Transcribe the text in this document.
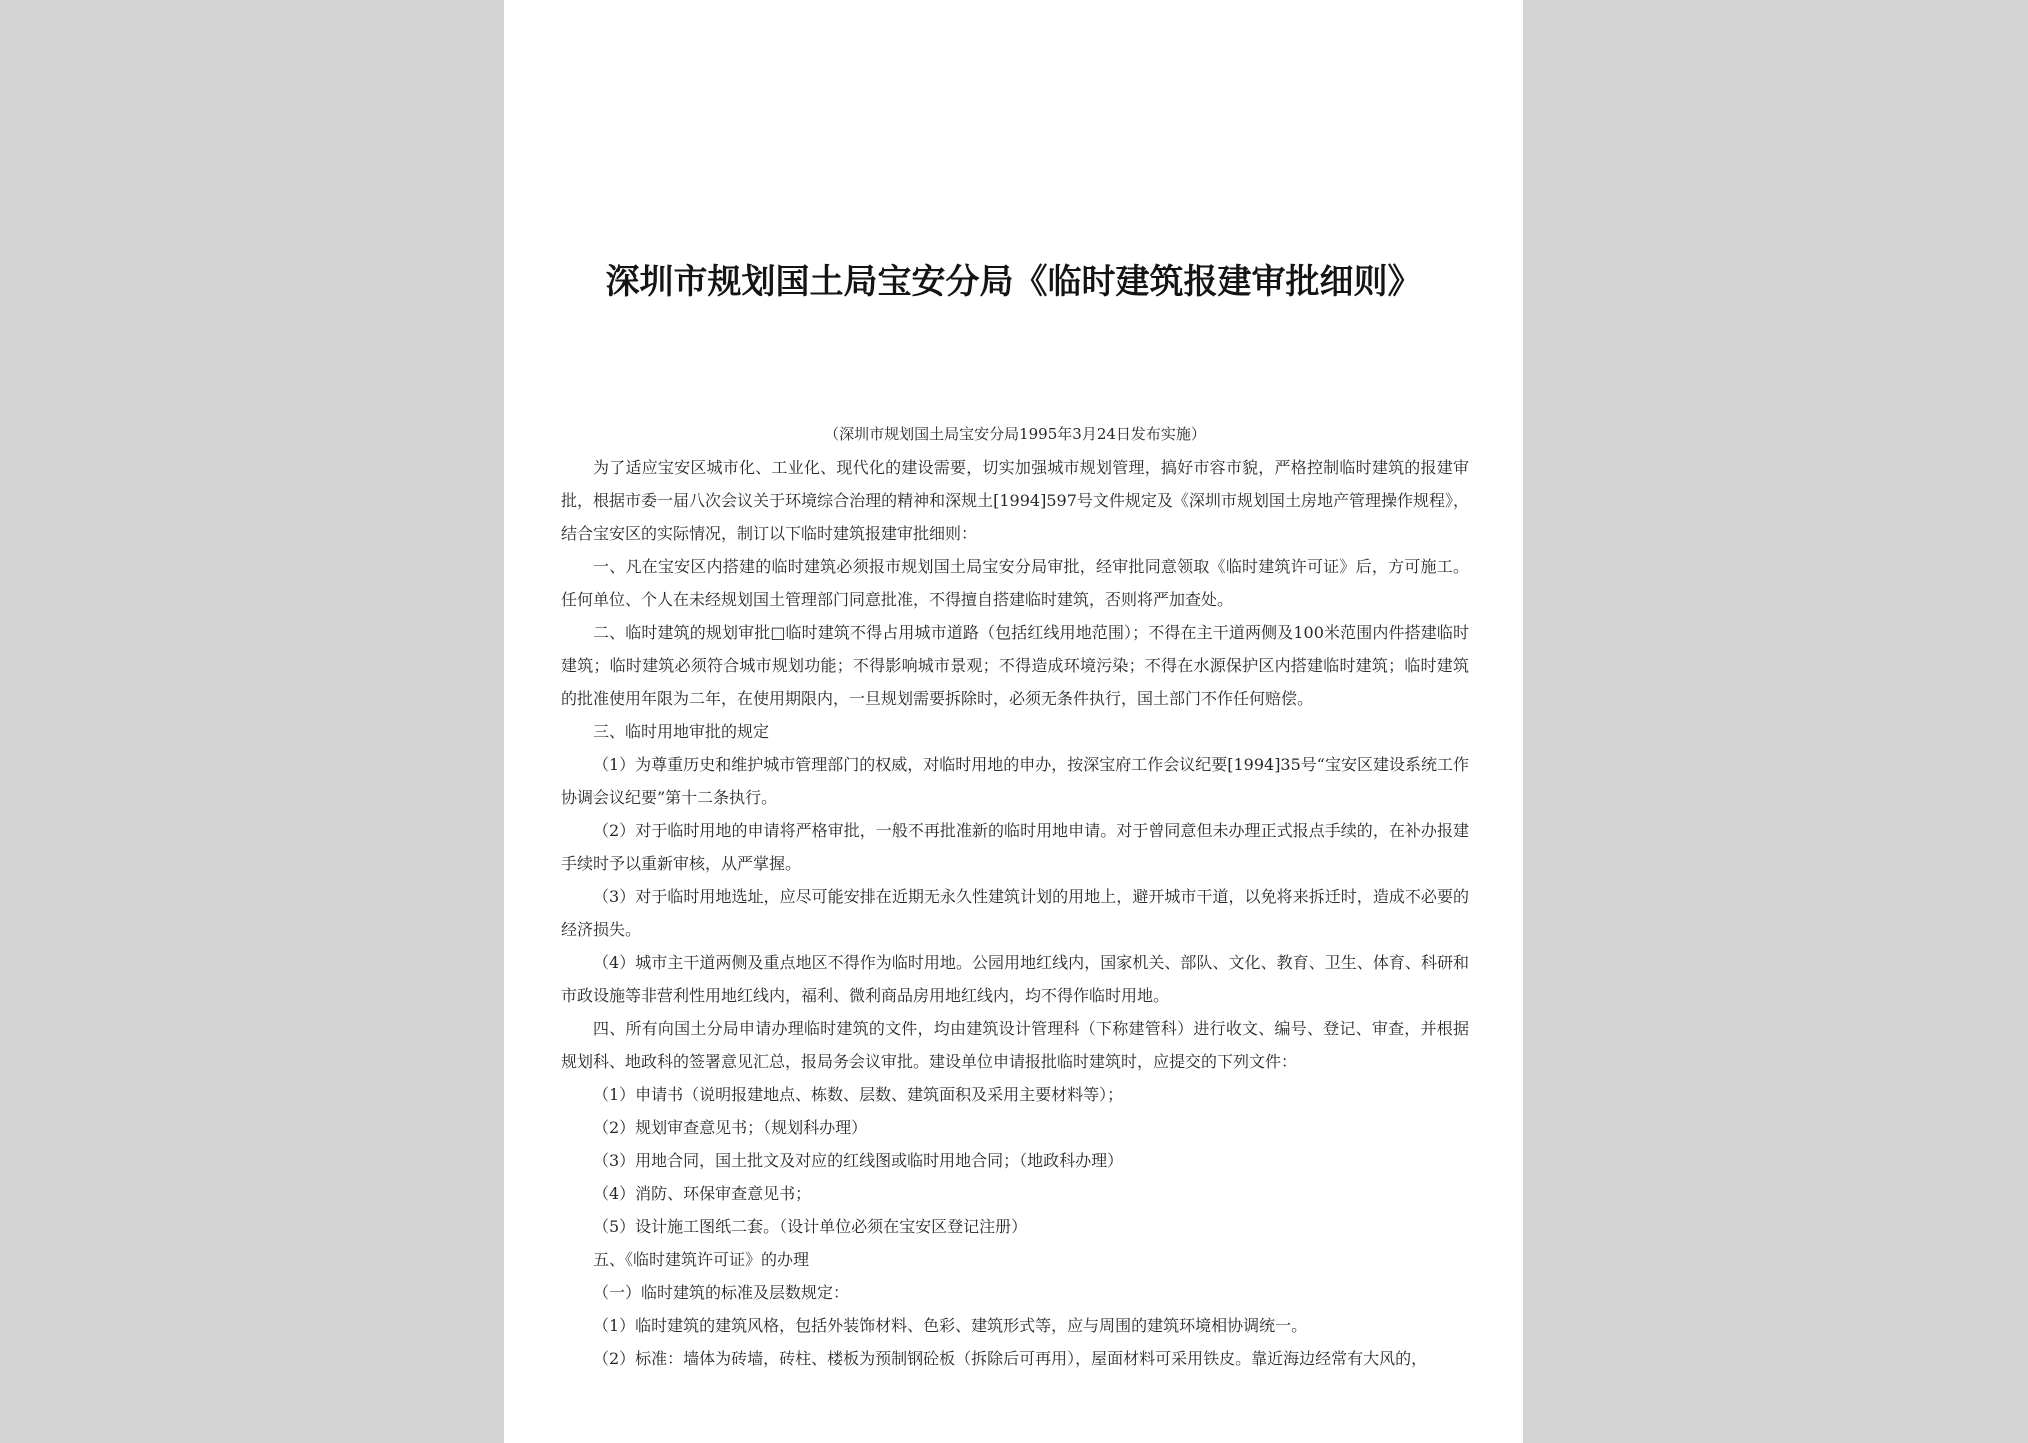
深圳市规划国土局宝安分局《临时建筑报建审批细则》

（深圳市规划国土局宝安分局1995年3月24日发布实施）

为了适应宝安区城市化、工业化、现代化的建设需要，切实加强城市规划管理，搞好市容市貌，严格控制临时建筑的报建审批，根据市委一届八次会议关于环境综合治理的精神和深规土[1994]597号文件规定及《深圳市规划国土房地产管理操作规程》，结合宝安区的实际情况，制订以下临时建筑报建审批细则：

一、凡在宝安区内搭建的临时建筑必须报市规划国土局宝安分局审批，经审批同意领取《临时建筑许可证》后，方可施工。任何单位、个人在未经规划国土管理部门同意批准，不得擅自搭建临时建筑，否则将严加查处。

二、临时建筑的规划审批□临时建筑不得占用城市道路（包括红线用地范围）；不得在主干道两侧及100米范围内件搭建临时建筑；临时建筑必须符合城市规划功能；不得影响城市景观；不得造成环境污染；不得在水源保护区内搭建临时建筑；临时建筑的批准使用年限为二年，在使用期限内，一旦规划需要拆除时，必须无条件执行，国土部门不作任何赔偿。

三、临时用地审批的规定

（1）为尊重历史和维护城市管理部门的权威，对临时用地的申办，按深宝府工作会议纪要[1994]35号“宝安区建设系统工作协调会议纪要”第十二条执行。

（2）对于临时用地的申请将严格审批，一般不再批准新的临时用地申请。对于曾同意但未办理正式报点手续的，在补办报建手续时予以重新审核，从严掌握。

（3）对于临时用地选址，应尽可能安排在近期无永久性建筑计划的用地上，避开城市干道，以免将来拆迁时，造成不必要的经济损失。

（4）城市主干道两侧及重点地区不得作为临时用地。公园用地红线内，国家机关、部队、文化、教育、卫生、体育、科研和市政设施等非营利性用地红线内，福利、微利商品房用地红线内，均不得作临时用地。

四、所有向国土分局申请办理临时建筑的文件，均由建筑设计管理科（下称建管科）进行收文、编号、登记、审查，并根据规划科、地政科的签署意见汇总，报局务会议审批。建设单位申请报批临时建筑时，应提交的下列文件：

（1）申请书（说明报建地点、栋数、层数、建筑面积及采用主要材料等）；

（2）规划审查意见书；（规划科办理）

（3）用地合同，国土批文及对应的红线图或临时用地合同；（地政科办理）

（4）消防、环保审查意见书；

（5）设计施工图纸二套。（设计单位必须在宝安区登记注册）

五、《临时建筑许可证》的办理

（一）临时建筑的标准及层数规定：

（1）临时建筑的建筑风格，包括外装饰材料、色彩、建筑形式等，应与周围的建筑环境相协调统一。

（2）标准：墙体为砖墙，砖柱、楼板为预制钢砼板（拆除后可再用），屋面材料可采用铁皮。靠近海边经常有大风的，
